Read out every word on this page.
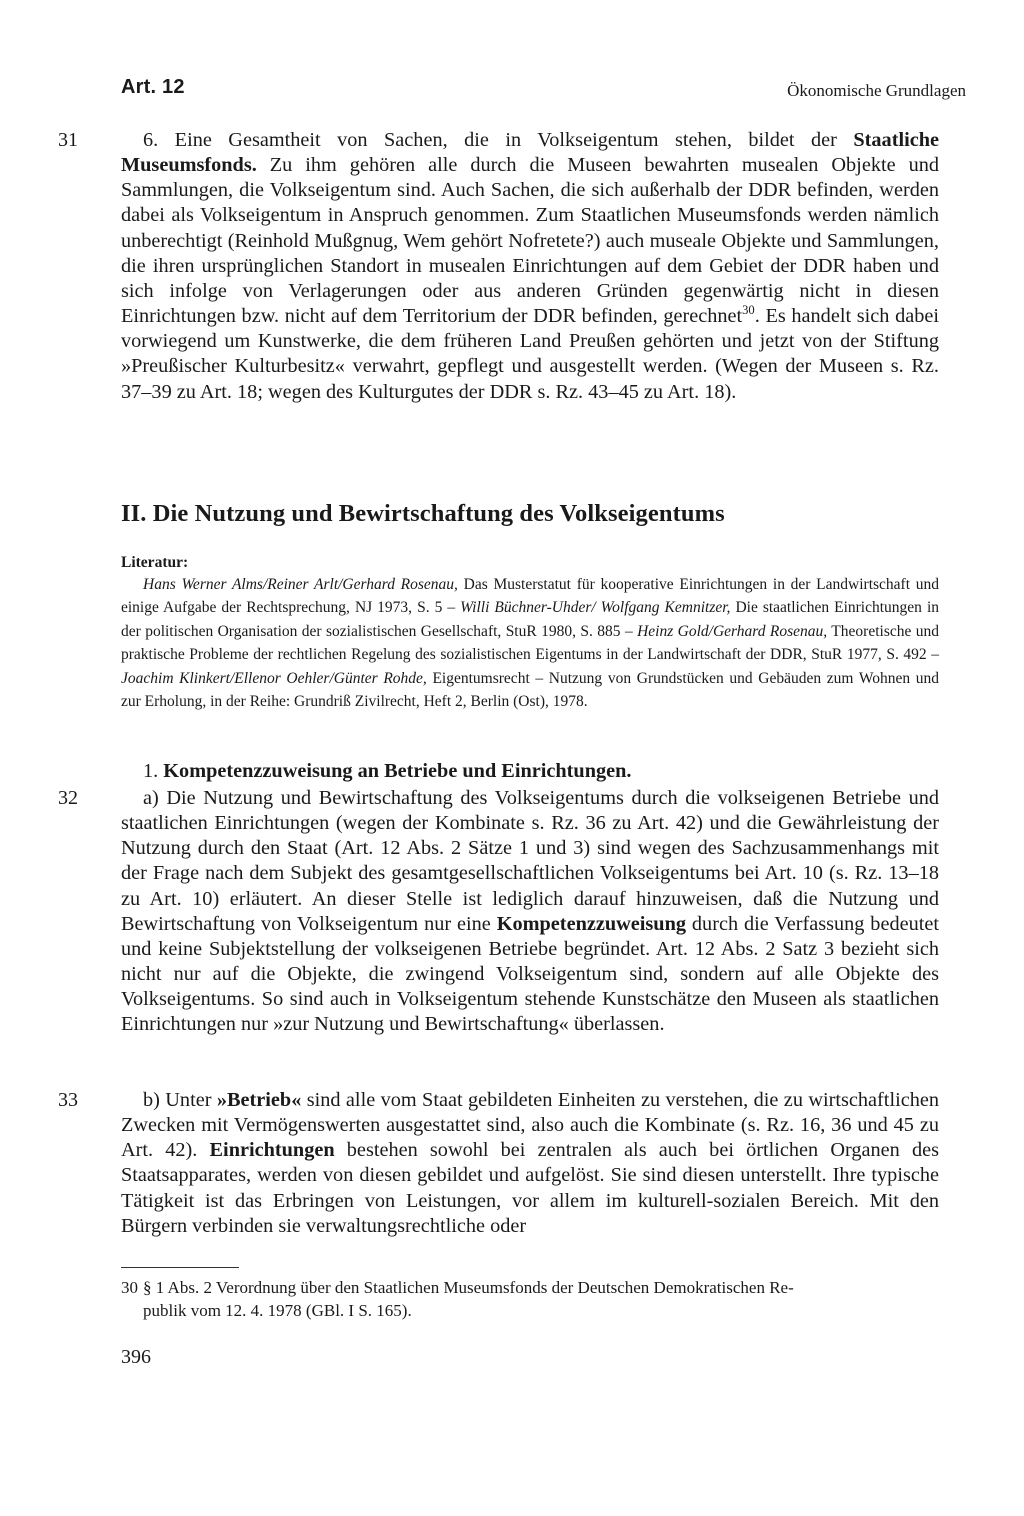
Art. 12	Ökonomische Grundlagen
31	6. Eine Gesamtheit von Sachen, die in Volkseigentum stehen, bildet der Staatliche Museumsfonds. Zu ihm gehören alle durch die Museen bewahrten musealen Objekte und Sammlungen, die Volkseigentum sind. Auch Sachen, die sich außerhalb der DDR befinden, werden dabei als Volkseigentum in Anspruch genommen. Zum Staatlichen Museumsfonds werden nämlich unberechtigt (Reinhold Mußgnug, Wem gehört Nofretete?) auch museale Objekte und Sammlungen, die ihren ursprünglichen Standort in musealen Einrichtungen auf dem Gebiet der DDR haben und sich infolge von Verlagerungen oder aus anderen Gründen gegenwärtig nicht in diesen Einrichtungen bzw. nicht auf dem Territorium der DDR befinden, gerechnet$^{30}$. Es handelt sich dabei vorwiegend um Kunstwerke, die dem früheren Land Preußen gehörten und jetzt von der Stiftung »Preußischer Kulturbesitz« verwahrt, gepflegt und ausgestellt werden. (Wegen der Museen s. Rz. 37–39 zu Art. 18; wegen des Kulturgutes der DDR s. Rz. 43–45 zu Art. 18).

II. Die Nutzung und Bewirtschaftung des Volkseigentums
Literatur:

Hans Werner Alms/Reiner Arlt/Gerhard Rosenau, Das Musterstatut für kooperative Einrichtungen in der Landwirtschaft und einige Aufgabe der Rechtsprechung, NJ 1973, S. 5 – Willi Büchner-Uhder/ Wolfgang Kemnitzer, Die staatlichen Einrichtungen in der politischen Organisation der sozialistischen Gesellschaft, StuR 1980, S. 885 – Heinz Gold/Gerhard Rosenau, Theoretische und praktische Probleme der rechtlichen Regelung des sozialistischen Eigentums in der Landwirtschaft der DDR, StuR 1977, S. 492 – Joachim Klinkert/Ellenor Oehler/Günter Rohde, Eigentumsrecht – Nutzung von Grundstücken und Gebäuden zum Wohnen und zur Erholung, in der Reihe: Grundriß Zivilrecht, Heft 2, Berlin (Ost), 1978.

1. Kompetenzzuweisung an Betriebe und Einrichtungen.
32	a) Die Nutzung und Bewirtschaftung des Volkseigentums durch die volkseigenen Betriebe und staatlichen Einrichtungen (wegen der Kombinate s. Rz. 36 zu Art. 42) und die Gewährleistung der Nutzung durch den Staat (Art. 12 Abs. 2 Sätze 1 und 3) sind wegen des Sachzusammenhangs mit der Frage nach dem Subjekt des gesamtgesellschaftlichen Volkseigentums bei Art. 10 (s. Rz. 13–18 zu Art. 10) erläutert. An dieser Stelle ist lediglich darauf hinzuweisen, daß die Nutzung und Bewirtschaftung von Volkseigentum nur eine Kompetenzzuweisung durch die Verfassung bedeutet und keine Subjektstellung der volkseigenen Betriebe begründet. Art. 12 Abs. 2 Satz 3 bezieht sich nicht nur auf die Objekte, die zwingend Volkseigentum sind, sondern auf alle Objekte des Volkseigentums. So sind auch in Volkseigentum stehende Kunstschätze den Museen als staatlichen Einrichtungen nur »zur Nutzung und Bewirtschaftung« überlassen.

33	b) Unter »Betrieb« sind alle vom Staat gebildeten Einheiten zu verstehen, die zu wirtschaftlichen Zwecken mit Vermögenswerten ausgestattet sind, also auch die Kombinate (s. Rz. 16, 36 und 45 zu Art. 42). Einrichtungen bestehen sowohl bei zentralen als auch bei örtlichen Organen des Staatsapparates, werden von diesen gebildet und aufgelöst. Sie sind diesen unterstellt. Ihre typische Tätigkeit ist das Erbringen von Leistungen, vor allem im kulturell-sozialen Bereich. Mit den Bürgern verbinden sie verwaltungsrechtliche oder

30 § 1 Abs. 2 Verordnung über den Staatlichen Museumsfonds der Deutschen Demokratischen Re-
publik vom 12. 4. 1978 (GBl. I S. 165).
396
